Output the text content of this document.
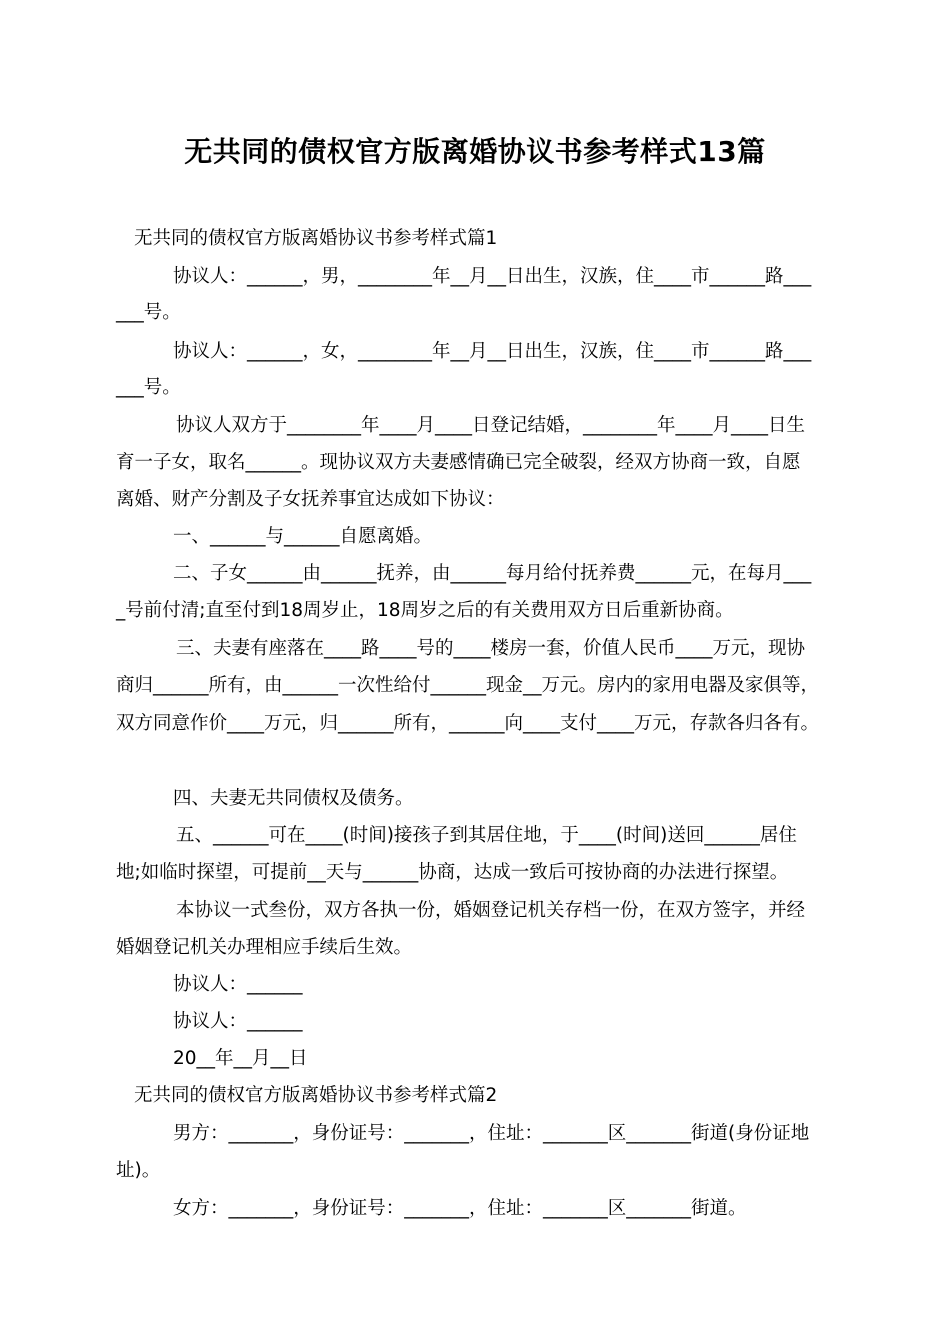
无共同的债权官方版离婚协议书参考样式13篇
无共同的债权官方版离婚协议书参考样式篇1
协议人：______，男，________年__月__日出生，汉族，住____市______路___
___号。
协议人：______，女，________年__月__日出生，汉族，住____市______路___
___号。
协议人双方于________年____月____日登记结婚，________年____月____日生
育一子女，取名______。现协议双方夫妻感情确已完全破裂，经双方协商一致，自愿
离婚、财产分割及子女抚养事宜达成如下协议：
一、______与______自愿离婚。
二、子女______由______抚养，由______每月给付抚养费______元，在每月___
_号前付清;直至付到18周岁止，18周岁之后的有关费用双方日后重新协商。
三、夫妻有座落在____路____号的____楼房一套，价值人民币____万元，现协
商归______所有，由______一次性给付______现金__万元。房内的家用电器及家俱等，
双方同意作价____万元，归______所有，______向____支付____万元，存款各归各有。
四、夫妻无共同债权及债务。
五、______可在____(时间)接孩子到其居住地，于____(时间)送回______居住
地;如临时探望，可提前__天与______协商，达成一致后可按协商的办法进行探望。
本协议一式叁份，双方各执一份，婚姻登记机关存档一份，在双方签字，并经
婚姻登记机关办理相应手续后生效。
协议人：______
协议人：______
20__年__月__日
无共同的债权官方版离婚协议书参考样式篇2
男方：_______，身份证号：_______，住址：_______区_______街道(身份证地
址)。
女方：_______，身份证号：_______，住址：_______区_______街道。
